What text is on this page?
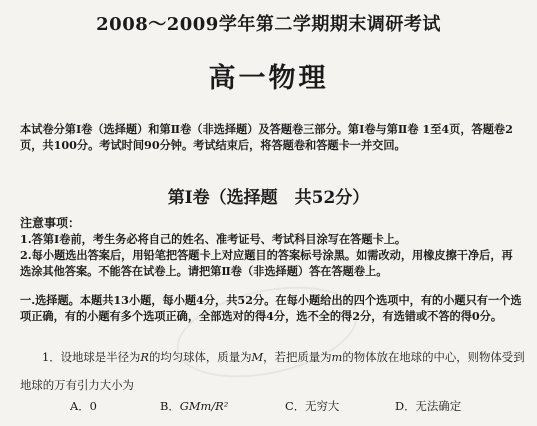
2008～2009学年第二学期期末调研考试
高一物理

本试卷分第Ⅰ卷（选择题）和第Ⅱ卷（非选择题）及答题卷三部分。第Ⅰ卷与第Ⅱ卷 1至4页，答题卷2页，共100分。考试时间90分钟。考试结束后，将答题卷和答题卡一并交回。

第Ⅰ卷（选择题　共52分）
注意事项：

1.答第Ⅰ卷前，考生务必将自己的姓名、准考证号、考试科目涂写在答题卡上。

2.每小题选出答案后，用铅笔把答题卡上对应题目的答案标号涂黑。如需改动，用橡皮擦干净后，再选涂其他答案。不能答在试卷上。请把第Ⅱ卷（非选择题）答在答题卷上。

一.选择题。本题共13小题，每小题4分，共52分。在每小题给出的四个选项中，有的小题只有一个选项正确，有的小题有多个选项正确，全部选对的得4分，选不全的得2分，有选错或不答的得0分。

1．设地球是半径为R的均匀球体，质量为M，若把质量为m的物体放在地球的中心，则物体受到地球的万有引力大小为

A．0	B．GMm/R²	C．无穷大	D．无法确定
